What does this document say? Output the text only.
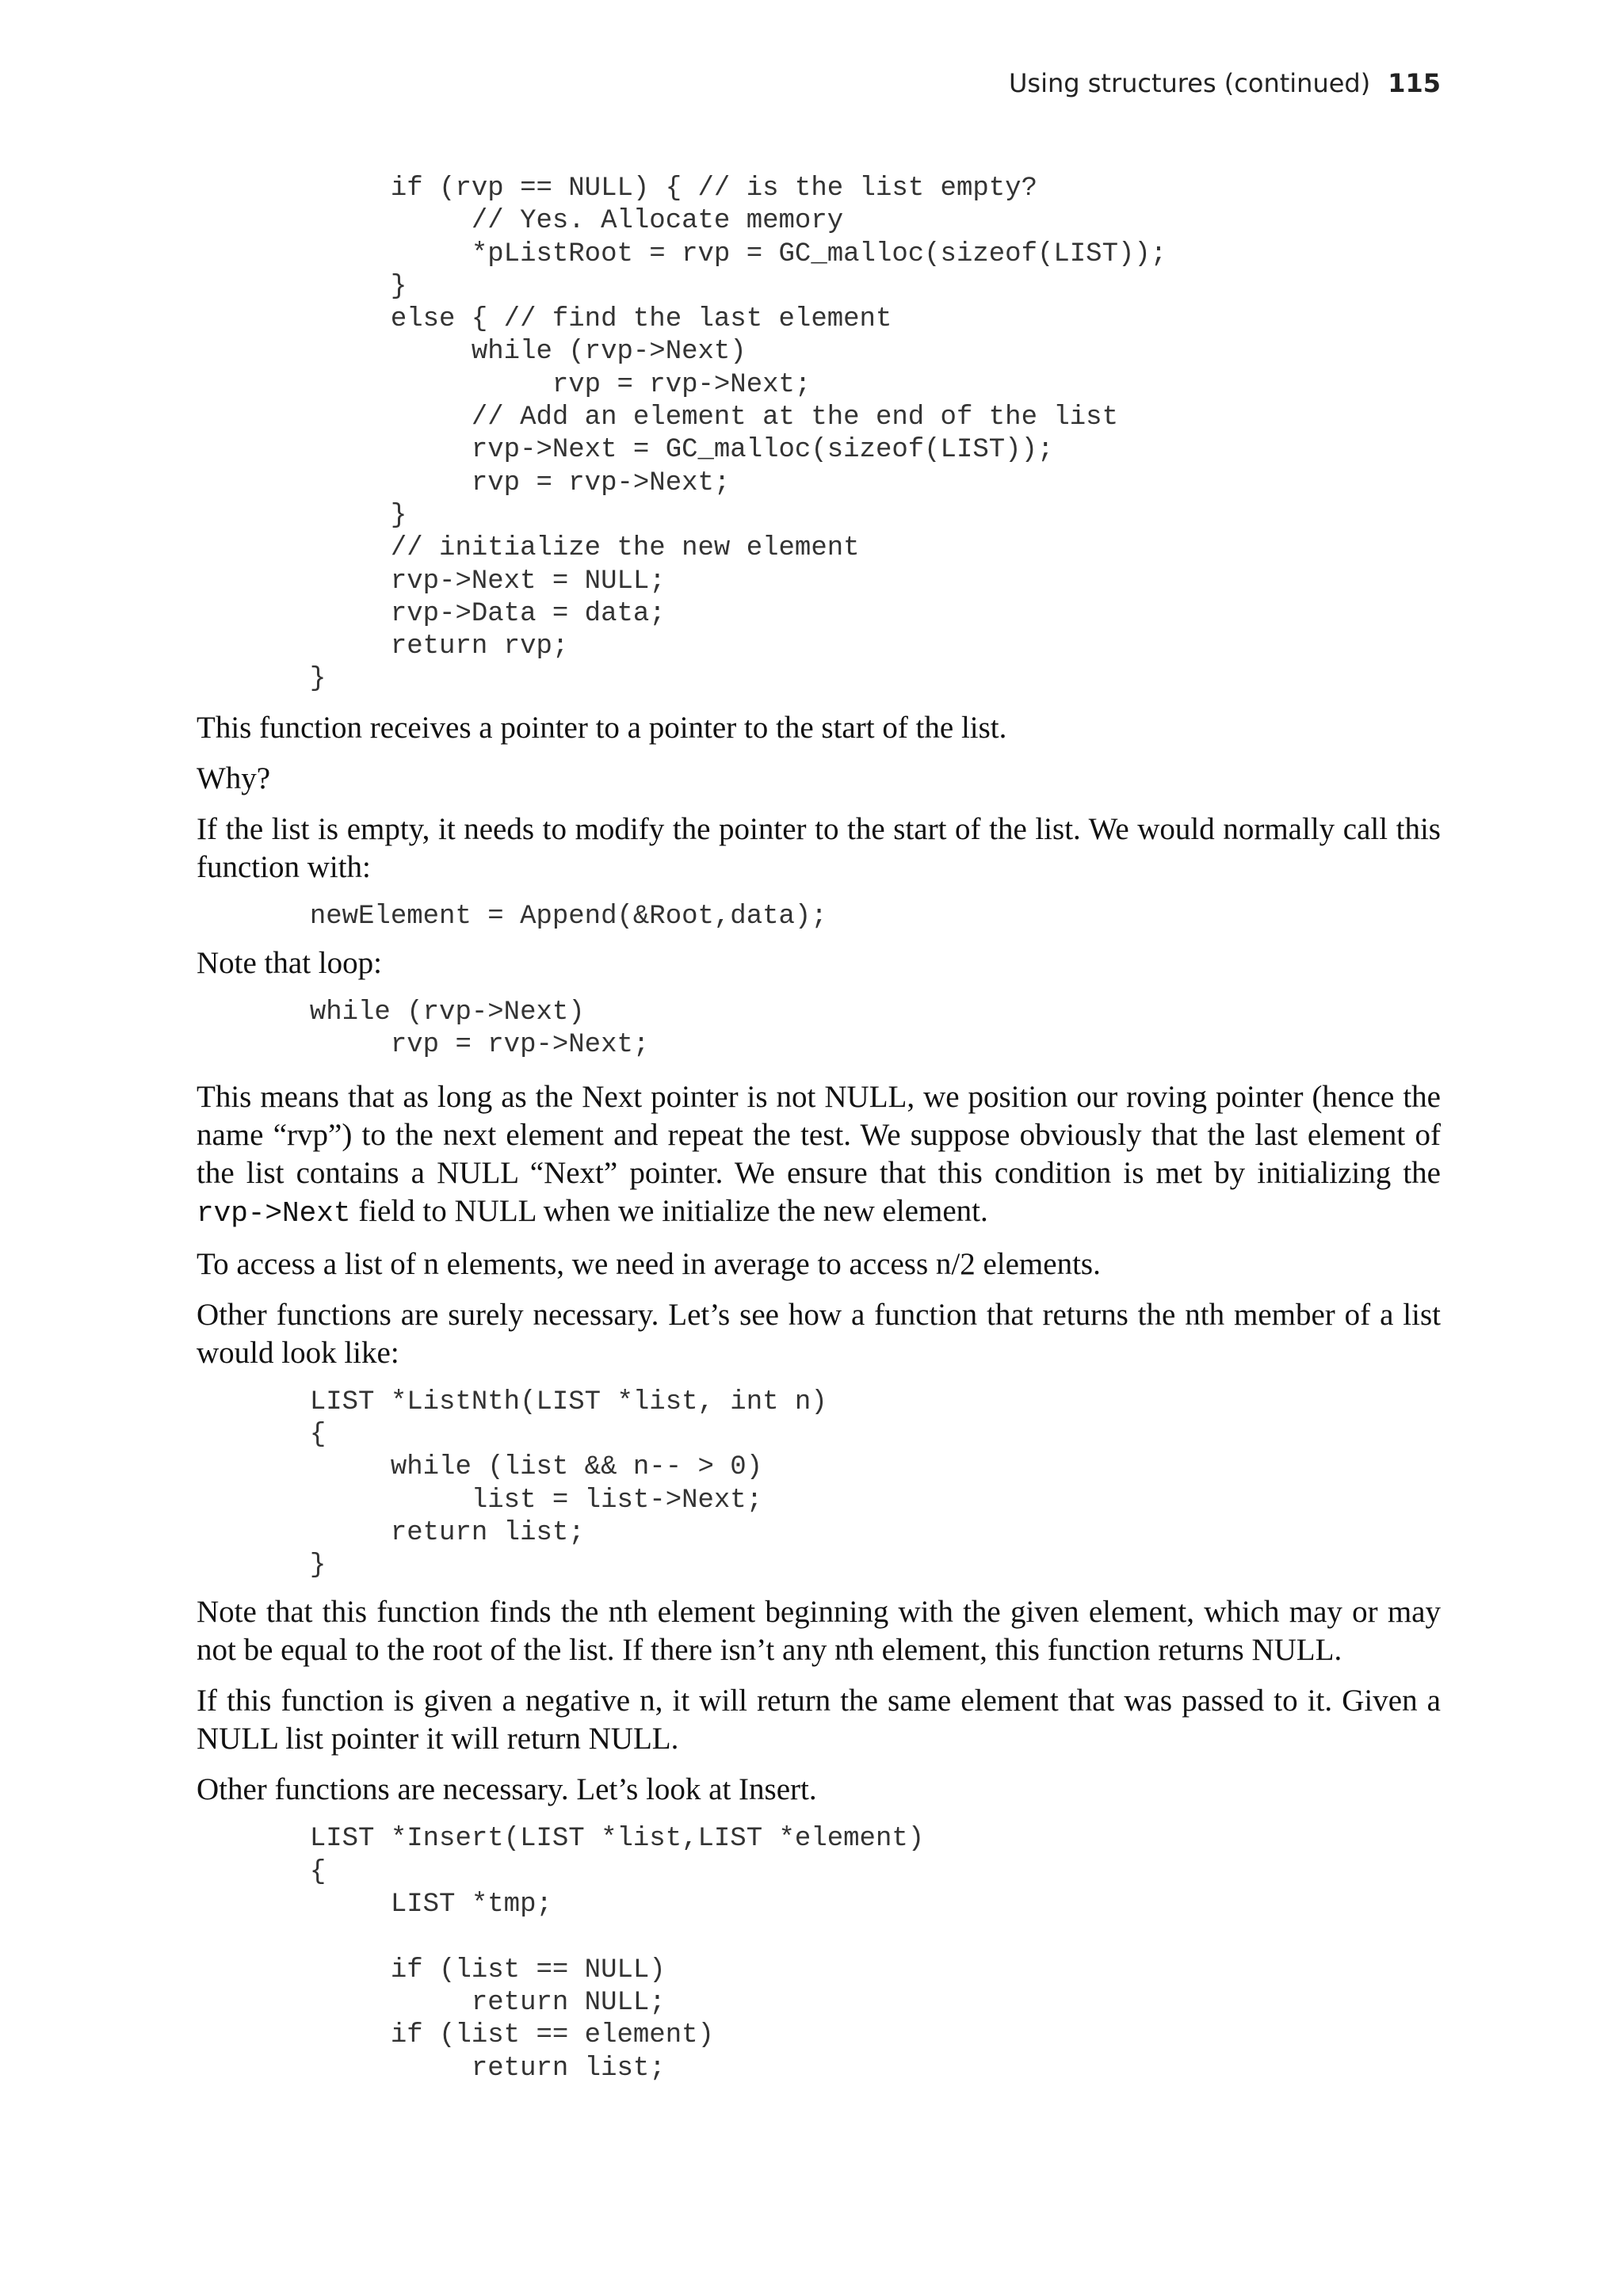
Using structures (continued) 115
if (rvp == NULL) { // is the list empty?
// Yes. Allocate memory
*pListRoot = rvp = GC_malloc(sizeof(LIST));
}
else { // find the last element
while (rvp->Next)
rvp = rvp->Next;
// Add an element at the end of the list
rvp->Next = GC_malloc(sizeof(LIST));
rvp = rvp->Next;
}
// initialize the new element
rvp->Next = NULL;
rvp->Data = data;
return rvp;
}

This function receives a pointer to a pointer to the start of the list.

Why?

If the list is empty, it needs to modify the pointer to the start of the list. We would normally call this function with:

newElement = Append(&Root,data);

Note that loop:

while (rvp->Next)
rvp = rvp->Next;

This means that as long as the Next pointer is not NULL, we position our roving pointer (hence the name “rvp”) to the next element and repeat the test. We suppose obviously that the last element of the list contains a NULL “Next” pointer. We ensure that this condition is met by initializing the rvp->Next field to NULL when we initialize the new element.

To access a list of n elements, we need in average to access n/2 elements.

Other functions are surely necessary. Let’s see how a function that returns the nth member of a list would look like:

LIST *ListNth(LIST *list, int n)
{
while (list && n-- > 0)
list = list->Next;
return list;
}

Note that this function finds the nth element beginning with the given element, which may or may not be equal to the root of the list. If there isn’t any nth element, this function returns NULL.

If this function is given a negative n, it will return the same element that was passed to it. Given a NULL list pointer it will return NULL.

Other functions are necessary. Let’s look at Insert.

LIST *Insert(LIST *list,LIST *element)
{
LIST *tmp;

if (list == NULL)
return NULL;
if (list == element)
return list;
